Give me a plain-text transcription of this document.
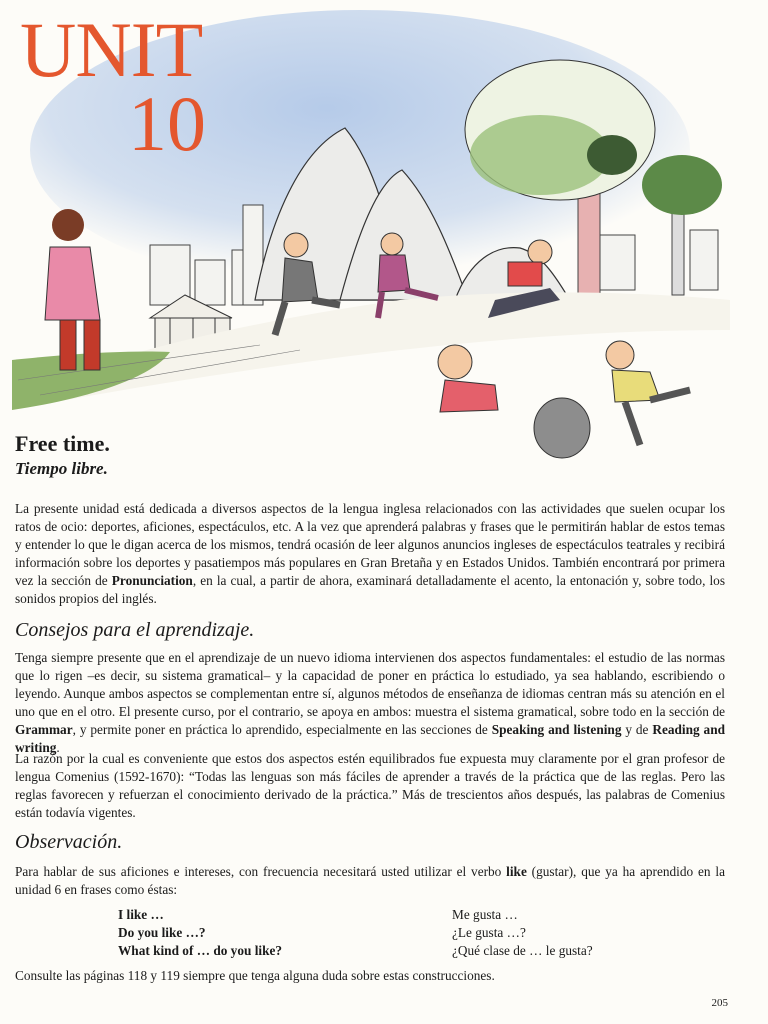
UNIT
10
Free time.
Tiempo libre.

La presente unidad está dedicada a diversos aspectos de la lengua inglesa relacionados con las actividades que suelen ocupar los ratos de ocio: deportes, aficiones, espectáculos, etc. A la vez que aprenderá palabras y frases que le permitirán hablar de estos temas y entender lo que le digan acerca de los mismos, tendrá ocasión de leer algunos anuncios ingleses de espectáculos teatrales y recibirá información sobre los deportes y pasatiempos más populares en Gran Bretaña y en Estados Unidos. También encontrará por primera vez la sección de Pronunciation, en la cual, a partir de ahora, examinará detalladamente el acento, la entonación y, sobre todo, los sonidos propios del inglés.

Consejos para el aprendizaje.

Tenga siempre presente que en el aprendizaje de un nuevo idioma intervienen dos aspectos fundamentales: el estudio de las normas que lo rigen –es decir, su sistema gramatical– y la capacidad de poner en práctica lo estudiado, ya sea hablando, escribiendo o leyendo. Aunque ambos aspectos se complementan entre sí, algunos métodos de enseñanza de idiomas centran más su atención en el uno que en el otro. El presente curso, por el contrario, se apoya en ambos: muestra el sistema gramatical, sobre todo en la sección de Grammar, y permite poner en práctica lo aprendido, especialmente en las secciones de Speaking and listening y de Reading and writing.

La razón por la cual es conveniente que estos dos aspectos estén equilibrados fue expuesta muy claramente por el gran profesor de lengua Comenius (1592-1670): “Todas las lenguas son más fáciles de aprender a través de la práctica que de las reglas. Pero las reglas favorecen y refuerzan el conocimiento derivado de la práctica.” Más de trescientos años después, las palabras de Comenius están todavía vigentes.

Observación.

Para hablar de sus aficiones e intereses, con frecuencia necesitará usted utilizar el verbo like (gustar), que ya ha aprendido en la unidad 6 en frases como éstas:

I like …	Me gusta …
Do you like …?	¿Le gusta …?
What kind of … do you like?	¿Qué clase de … le gusta?

Consulte las páginas 118 y 119 siempre que tenga alguna duda sobre estas construcciones.

205
